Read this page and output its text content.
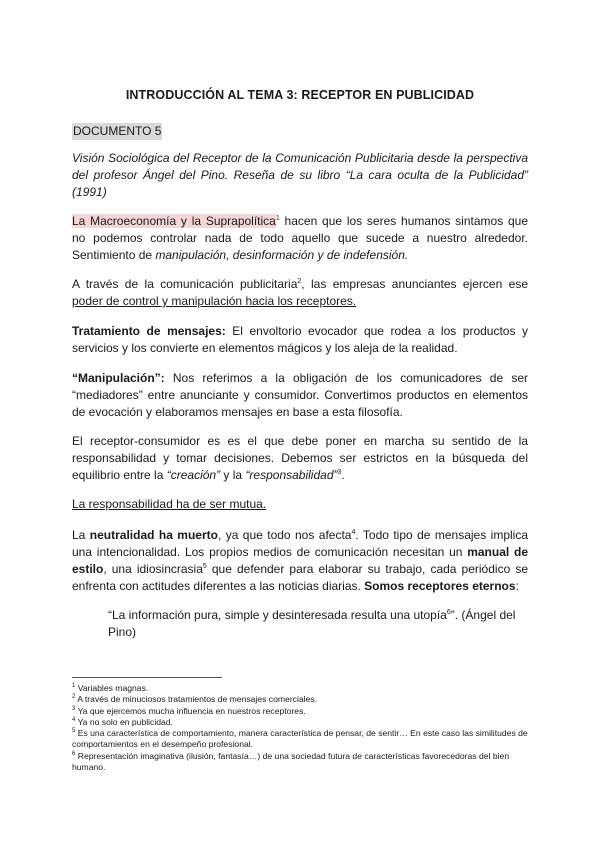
INTRODUCCIÓN AL TEMA 3: RECEPTOR EN PUBLICIDAD
DOCUMENTO 5
Visión Sociológica del Receptor de la Comunicación Publicitaria desde la perspectiva del profesor Ángel del Pino. Reseña de su libro “La cara oculta de la Publicidad” (1991)
La Macroeconomía y la Suprapolítica$^1$ hacen que los seres humanos sintamos que no podemos controlar nada de todo aquello que sucede a nuestro alrededor. Sentimiento de manipulación, desinformación y de indefensión.
A través de la comunicación publicitaria$^2$, las empresas anunciantes ejercen ese poder de control y manipulación hacia los receptores.
Tratamiento de mensajes: El envoltorio evocador que rodea a los productos y servicios y los convierte en elementos mágicos y los aleja de la realidad.
“Manipulación”: Nos referimos a la obligación de los comunicadores de ser “mediadores” entre anunciante y consumidor. Convertimos productos en elementos de evocación y elaboramos mensajes en base a esta filosofía.
El receptor-consumidor es es el que debe poner en marcha su sentido de la responsabilidad y tomar decisiones. Debemos ser estrictos en la búsqueda del equilibrio entre la “creación” y la “responsabilidad”$^3$.
La responsabilidad ha de ser mutua.
La neutralidad ha muerto, ya que todo nos afecta$^4$. Todo tipo de mensajes implica una intencionalidad. Los propios medios de comunicación necesitan un manual de estilo, una idiosincrasia$^5$ que defender para elaborar su trabajo, cada periódico se enfrenta con actitudes diferentes a las noticias diarias. Somos receptores eternos:
“La información pura, simple y desinteresada resulta una utopía$^6$”. (Ángel del Pino)
$^1$ Variables magnas.
$^2$ A través de minuciosos tratamientos de mensajes comerciales.
$^3$ Ya que ejercemos mucha influencia en nuestros receptores.
$^4$ Ya no solo en publicidad.
$^5$ Es una característica de comportamiento, manera característica de pensar, de sentir… En este caso las similitudes de comportamientos en el desempeño profesional.
$^6$ Representación imaginativa (ilusión, fantasía…) de una sociedad futura de características favorecedoras del bien humano.
